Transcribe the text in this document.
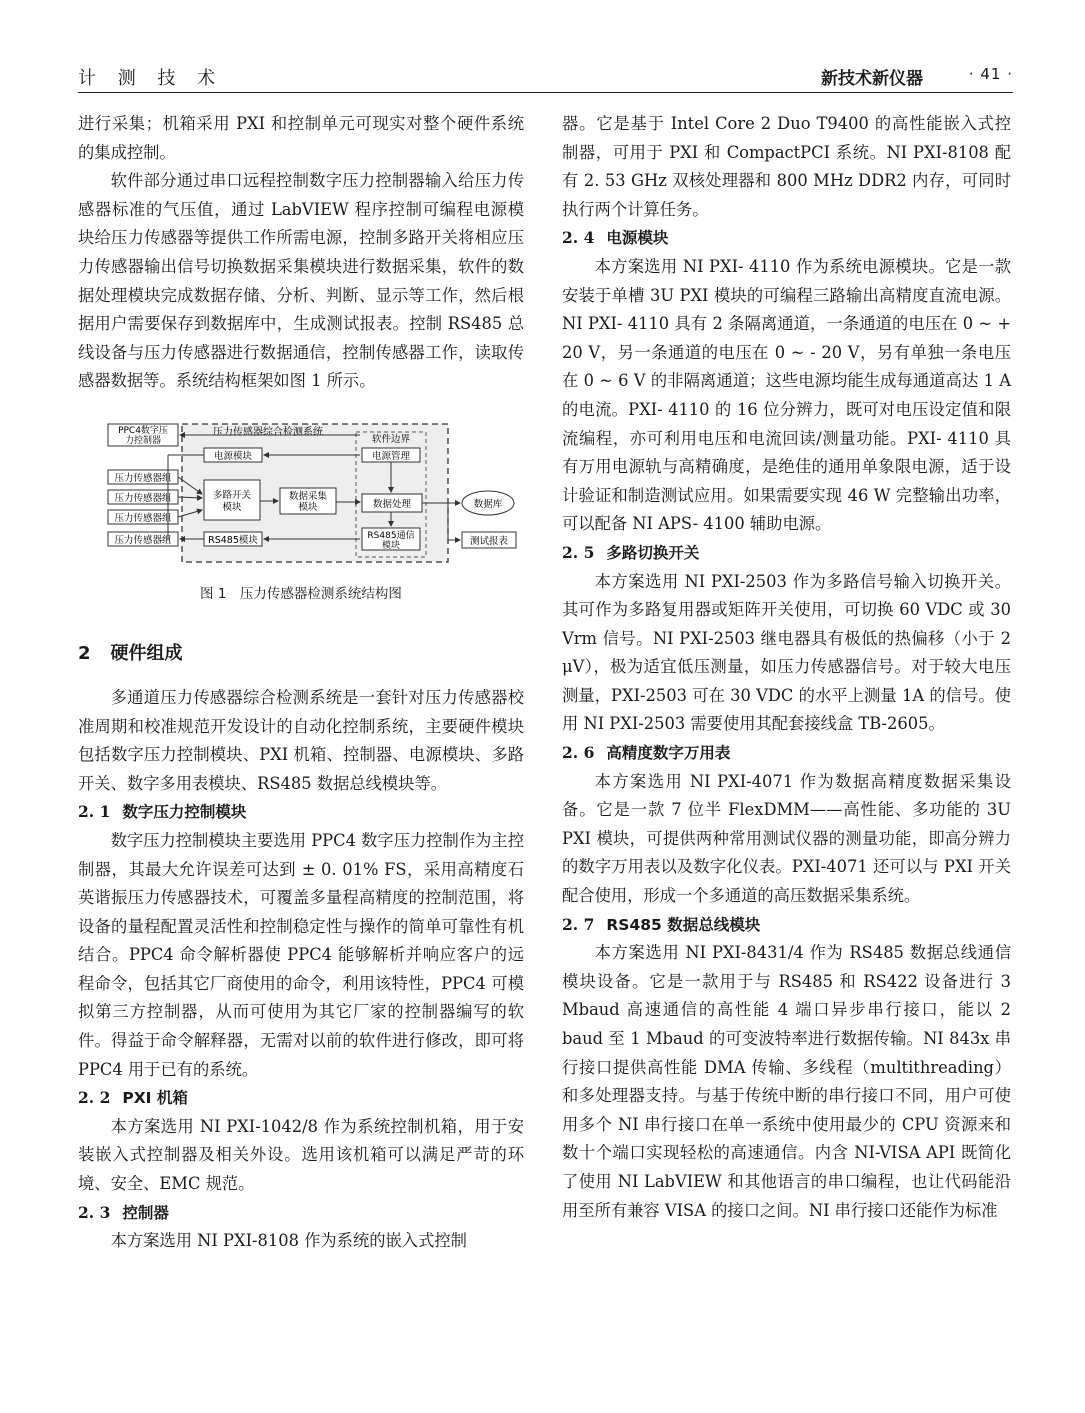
计 测 技 术	新技术新仪器	· 41 ·

进行采集；机箱采用 PXI 和控制单元可现实对整个硬件系统的集成控制。

软件部分通过串口远程控制数字压力控制器输入给压力传感器标准的气压值，通过 LabVIEW 程序控制可编程电源模块给压力传感器等提供工作所需电源，控制多路开关将相应压力传感器输出信号切换数据采集模块进行数据采集，软件的数据处理模块完成数据存储、分析、判断、显示等工作，然后根据用户需要保存到数据库中，生成测试报表。控制 RS485 总线设备与压力传感器进行数据通信，控制传感器工作，读取传感器数据等。系统结构框架如图 1 所示。

PPC4数字压
力控制器
压力传感器综合检测系统
软件边界
电源模块	电源管理
压力传感器组
压力传感器组
压力传感器组
压力传感器组
多路开关
模块
数据采集
模块	数据处理	数据库
RS485模块	RS485通信
模块	测试报表
图 1　压力传感器检测系统结构图
2 硬件组成

多通道压力传感器综合检测系统是一套针对压力传感器校准周期和校准规范开发设计的自动化控制系统，主要硬件模块包括数字压力控制模块、PXI 机箱、控制器、电源模块、多路开关、数字多用表模块、RS485 数据总线模块等。

2. 1 数字压力控制模块

数字压力控制模块主要选用 PPC4 数字压力控制作为主控制器，其最大允许误差可达到 ± 0. 01% FS，采用高精度石英谐振压力传感器技术，可覆盖多量程高精度的控制范围，将设备的量程配置灵活性和控制稳定性与操作的简单可靠性有机结合。PPC4 命令解析器使 PPC4 能够解析并响应客户的远程命令，包括其它厂商使用的命令，利用该特性，PPC4 可模拟第三方控制器，从而可使用为其它厂家的控制器编写的软件。得益于命令解释器，无需对以前的软件进行修改，即可将 PPC4 用于已有的系统。

2. 2 PXI 机箱

本方案选用 NI PXI-1042/8 作为系统控制机箱，用于安装嵌入式控制器及相关外设。选用该机箱可以满足严苛的环境、安全、EMC 规范。

2. 3 控制器

本方案选用 NI PXI-8108 作为系统的嵌入式控制

器。它是基于 Intel Core 2 Duo T9400 的高性能嵌入式控制器，可用于 PXI 和 CompactPCI 系统。NI PXI-8108 配有 2. 53 GHz 双核处理器和 800 MHz DDR2 内存，可同时执行两个计算任务。

2. 4 电源模块

本方案选用 NI PXI- 4110 作为系统电源模块。它是一款安装于单槽 3U PXI 模块的可编程三路输出高精度直流电源。NI PXI- 4110 具有 2 条隔离通道，一条通道的电压在 0 ~ + 20 V，另一条通道的电压在 0 ~ - 20 V，另有单独一条电压在 0 ~ 6 V 的非隔离通道；这些电源均能生成每通道高达 1 A 的电流。PXI- 4110 的 16 位分辨力，既可对电压设定值和限流编程，亦可利用电压和电流回读/测量功能。PXI- 4110 具有万用电源轨与高精确度，是绝佳的通用单象限电源，适于设计验证和制造测试应用。如果需要实现 46 W 完整输出功率，可以配备 NI APS- 4100 辅助电源。

2. 5 多路切换开关

本方案选用 NI PXI-2503 作为多路信号输入切换开关。其可作为多路复用器或矩阵开关使用，可切换 60 VDC 或 30 Vrm 信号。NI PXI-2503 继电器具有极低的热偏移（小于 2 μV），极为适宜低压测量，如压力传感器信号。对于较大电压测量，PXI-2503 可在 30 VDC 的水平上测量 1A 的信号。使用 NI PXI-2503 需要使用其配套接线盒 TB-2605。

2. 6 高精度数字万用表

本方案选用 NI PXI-4071 作为数据高精度数据采集设备。它是一款 7 位半 FlexDMM——高性能、多功能的 3U PXI 模块，可提供两种常用测试仪器的测量功能，即高分辨力的数字万用表以及数字化仪表。PXI-4071 还可以与 PXI 开关配合使用，形成一个多通道的高压数据采集系统。

2. 7 RS485 数据总线模块

本方案选用 NI PXI-8431/4 作为 RS485 数据总线通信模块设备。它是一款用于与 RS485 和 RS422 设备进行 3 Mbaud 高速通信的高性能 4 端口异步串行接口，能以 2 baud 至 1 Mbaud 的可变波特率进行数据传输。NI 843x 串行接口提供高性能 DMA 传输、多线程（multithreading）和多处理器支持。与基于传统中断的串行接口不同，用户可使用多个 NI 串行接口在单一系统中使用最少的 CPU 资源来和数十个端口实现轻松的高速通信。内含 NI-VISA API 既简化了使用 NI LabVIEW 和其他语言的串口编程，也让代码能沿用至所有兼容 VISA 的接口之间。NI 串行接口还能作为标准
